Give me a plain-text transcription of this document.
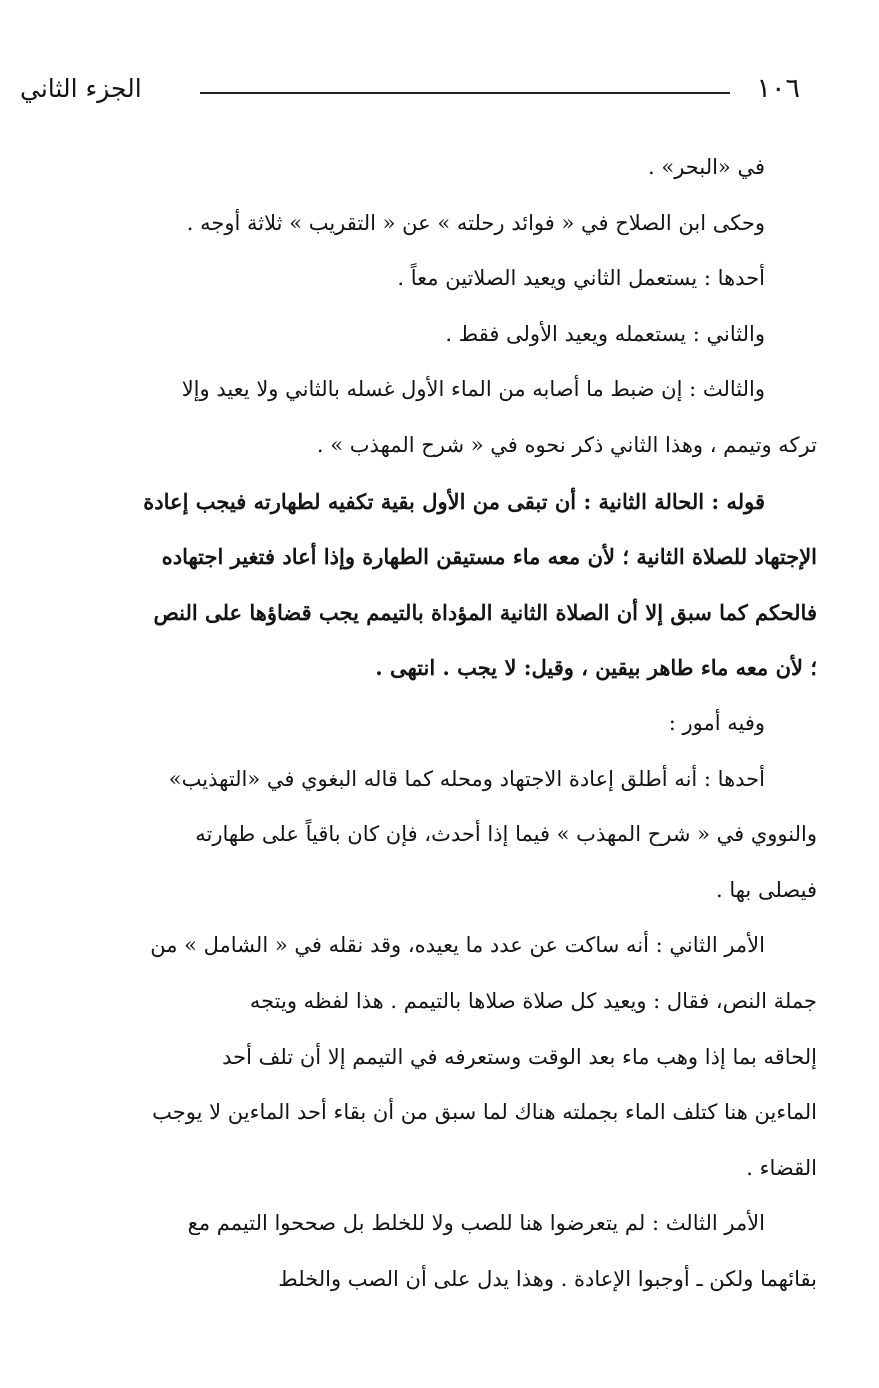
١٠٦
الجزء الثاني
في «البحر» .
وحكى ابن الصلاح في « فوائد رحلته » عن « التقريب » ثلاثة أوجه .
أحدها : يستعمل الثاني ويعيد الصلاتين معاً .
والثاني : يستعمله ويعيد الأولى فقط .
والثالث : إن ضبط ما أصابه من الماء الأول غسله بالثاني ولا يعيد وإلا
تركه وتيمم ، وهذا الثاني ذكر نحوه في « شرح المهذب » .
قوله : الحالة الثانية : أن تبقى من الأول بقية تكفيه لطهارته فيجب إعادة
الإجتهاد للصلاة الثانية ؛ لأن معه ماء مستيقن الطهارة وإذا أعاد فتغير اجتهاده
فالحكم كما سبق إلا أن الصلاة الثانية المؤداة بالتيمم يجب قضاؤها على النص
؛ لأن معه ماء طاهر بيقين ، وقيل: لا يجب . انتهى .
وفيه أمور :
أحدها : أنه أطلق إعادة الاجتهاد ومحله كما قاله البغوي في «التهذيب»
والنووي في « شرح المهذب » فيما إذا أحدث، فإن كان باقياً على طهارته
فيصلى بها .
الأمر الثاني : أنه ساكت عن عدد ما يعيده، وقد نقله في « الشامل » من
جملة النص، فقال : ويعيد كل صلاة صلاها بالتيمم . هذا لفظه ويتجه
إلحاقه بما إذا وهب ماء بعد الوقت وستعرفه في التيمم إلا أن تلف أحد
الماءين هنا كتلف الماء بجملته هناك لما سبق من أن بقاء أحد الماءين لا يوجب
القضاء .
الأمر الثالث : لم يتعرضوا هنا للصب ولا للخلط بل صححوا التيمم مع
بقائهما ولكن ـ أوجبوا الإعادة . وهذا يدل على أن الصب والخلط
